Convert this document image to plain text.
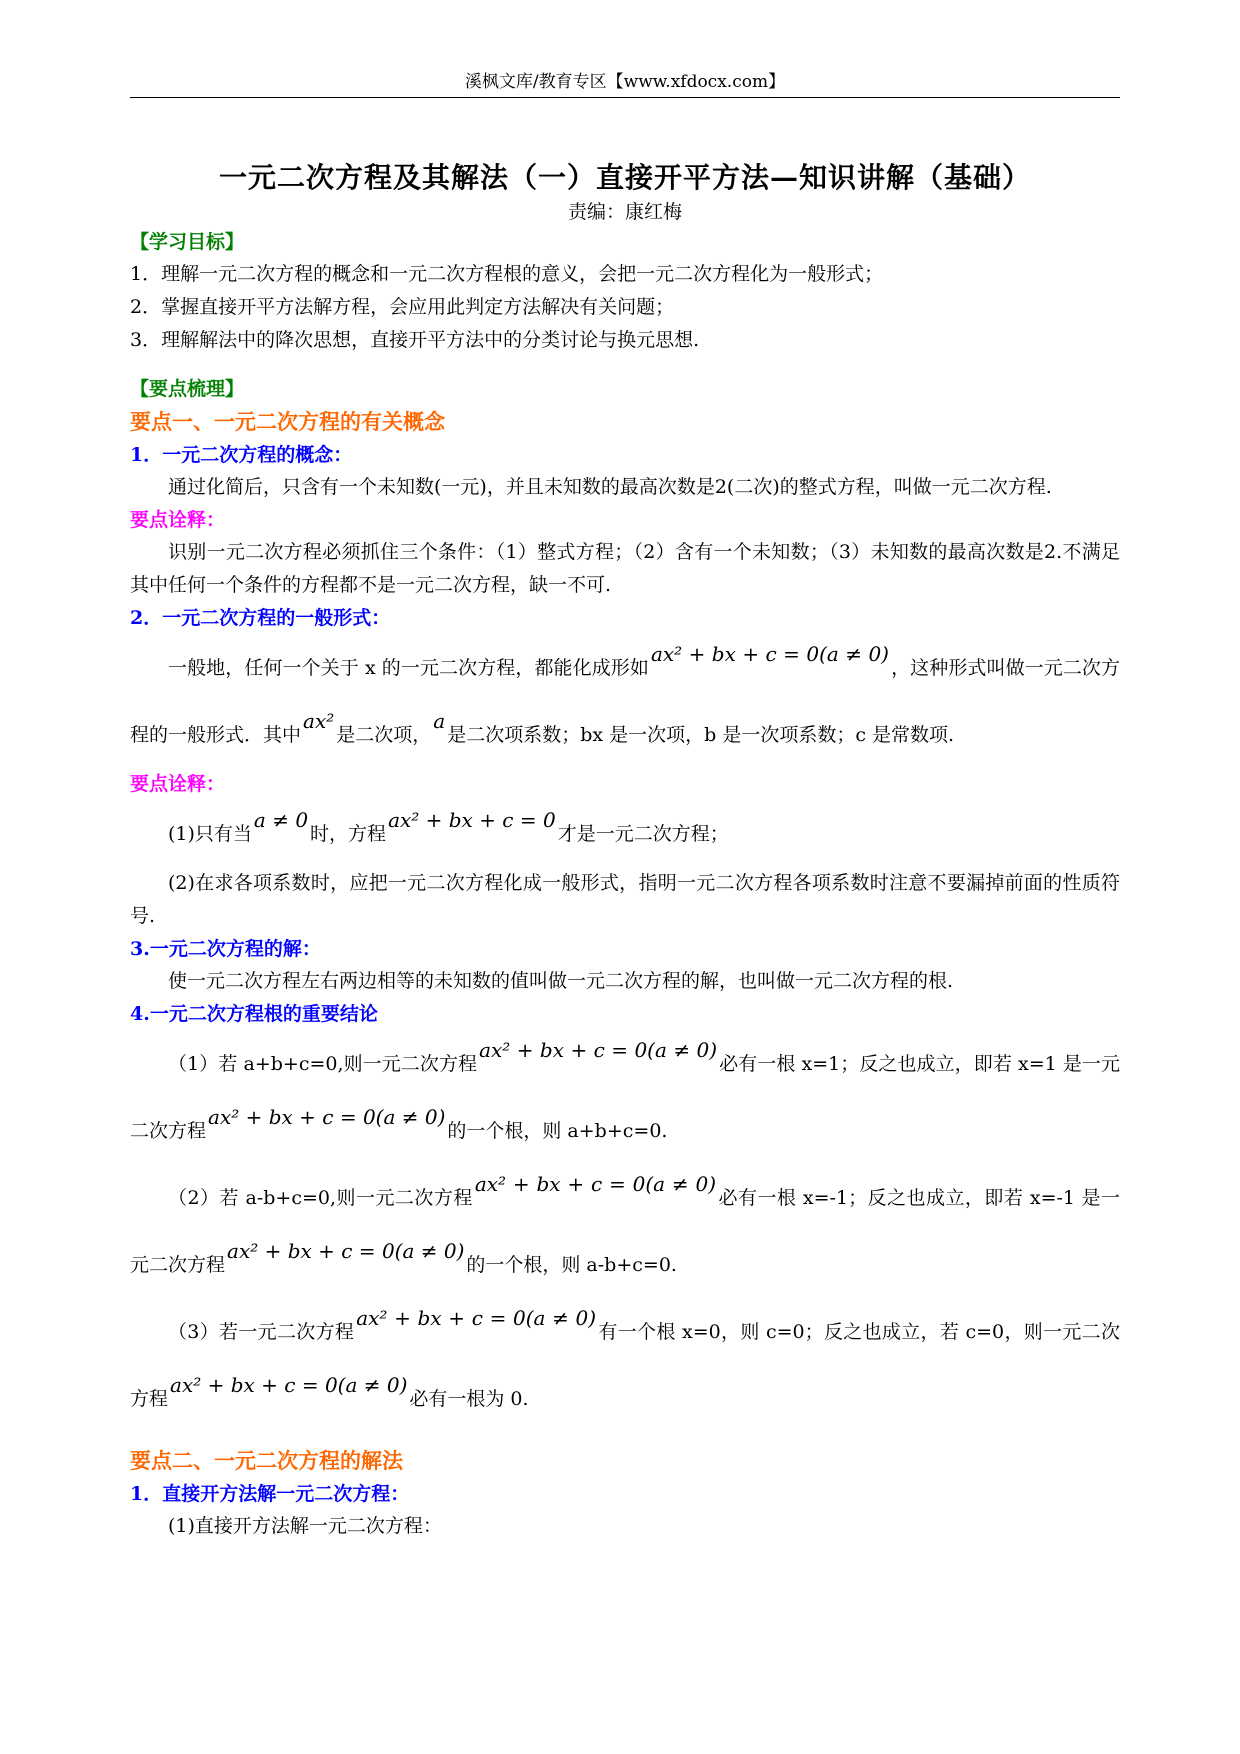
溪枫文库/教育专区【www.xfdocx.com】
一元二次方程及其解法（一）直接开平方法—知识讲解（基础）
责编：康红梅
【学习目标】
1．理解一元二次方程的概念和一元二次方程根的意义，会把一元二次方程化为一般形式；
2．掌握直接开平方法解方程，会应用此判定方法解决有关问题；
3．理解解法中的降次思想，直接开平方法中的分类讨论与换元思想.
【要点梳理】
要点一、一元二次方程的有关概念
1．一元二次方程的概念：
通过化简后，只含有一个未知数(一元)，并且未知数的最高次数是2(二次)的整式方程，叫做一元二次方程.
要点诠释：
识别一元二次方程必须抓住三个条件：（1）整式方程；（2）含有一个未知数；（3）未知数的最高次数是2.不满足其中任何一个条件的方程都不是一元二次方程，缺一不可.
2．一元二次方程的一般形式：
一般地，任何一个关于 x 的一元二次方程，都能化成形如ax² + bx + c = 0(a ≠ 0)，这种形式叫做一元二次方程的一般形式．其中ax²是二次项，a是二次项系数；bx 是一次项，b 是一次项系数；c 是常数项.
要点诠释：
(1)只有当a ≠ 0时，方程ax² + bx + c = 0才是一元二次方程；
(2)在求各项系数时，应把一元二次方程化成一般形式，指明一元二次方程各项系数时注意不要漏掉前面的性质符号.
3.一元二次方程的解：
使一元二次方程左右两边相等的未知数的值叫做一元二次方程的解，也叫做一元二次方程的根.
4.一元二次方程根的重要结论
（1）若 a+b+c=0,则一元二次方程ax² + bx + c = 0(a ≠ 0)必有一根 x=1；反之也成立，即若 x=1 是一元二次方程ax² + bx + c = 0(a ≠ 0)的一个根，则 a+b+c=0.
（2）若 a-b+c=0,则一元二次方程ax² + bx + c = 0(a ≠ 0)必有一根 x=-1；反之也成立，即若 x=-1 是一元二次方程ax² + bx + c = 0(a ≠ 0)的一个根，则 a-b+c=0.
（3）若一元二次方程ax² + bx + c = 0(a ≠ 0)有一个根 x=0，则 c=0；反之也成立，若 c=0，则一元二次方程ax² + bx + c = 0(a ≠ 0)必有一根为 0.
要点二、一元二次方程的解法
1．直接开方法解一元二次方程：
(1)直接开方法解一元二次方程：
